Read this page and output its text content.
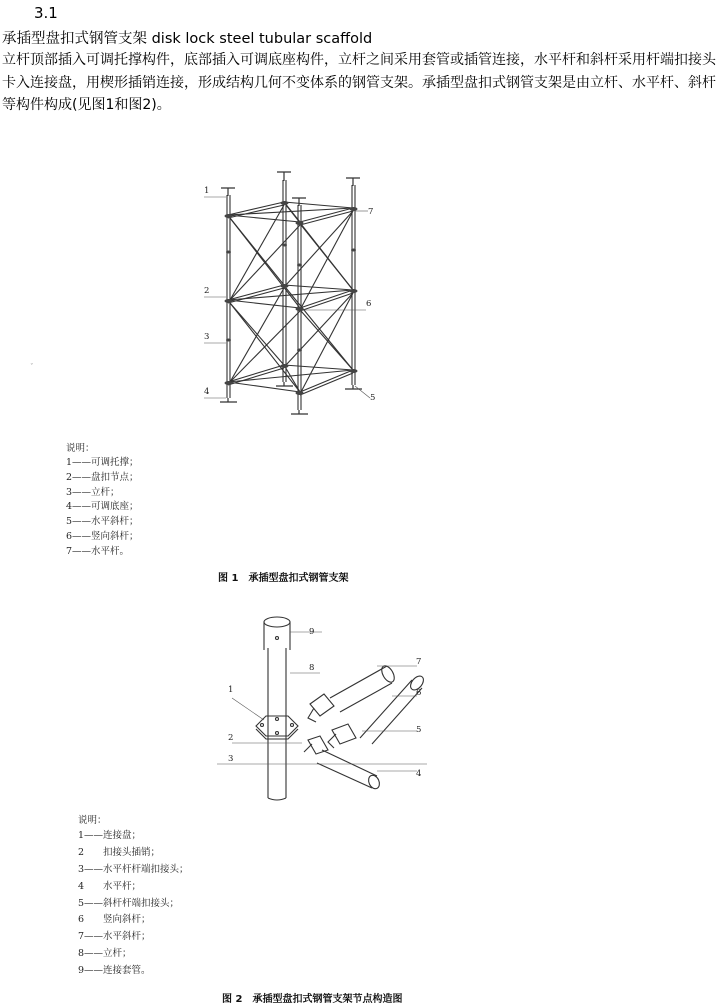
3.1
承插型盘扣式钢管支架 disk lock steel tubular scaffold
立杆顶部插入可调托撑构件，底部插入可调底座构件，立杆之间采用套管或插管连接，水平杆和斜杆采用杆端扣接头卡入连接盘，用楔形插销连接，形成结构几何不变体系的钢管支架。承插型盘扣式钢管支架是由立杆、水平杆、斜杆等构件构成(见图1和图2)。
ˇ
1
2
3
4
5
6
7
说明：
1——可调托撑；
2——盘扣节点；
3——立杆；
4——可调底座；
5——水平斜杆；
6——竖向斜杆；
7——水平杆。
图 1　承插型盘扣式钢管支架
1
2
3
4
5
6
7
8
9
说明：
1——连接盘；
2　　扣接头插销；
3——水平杆杆端扣接头；
4　　水平杆；
5——斜杆杆端扣接头；
6　　竖向斜杆；
7——水平斜杆；
8——立杆；
9——连接套管。
图 2　承插型盘扣式钢管支架节点构造图
